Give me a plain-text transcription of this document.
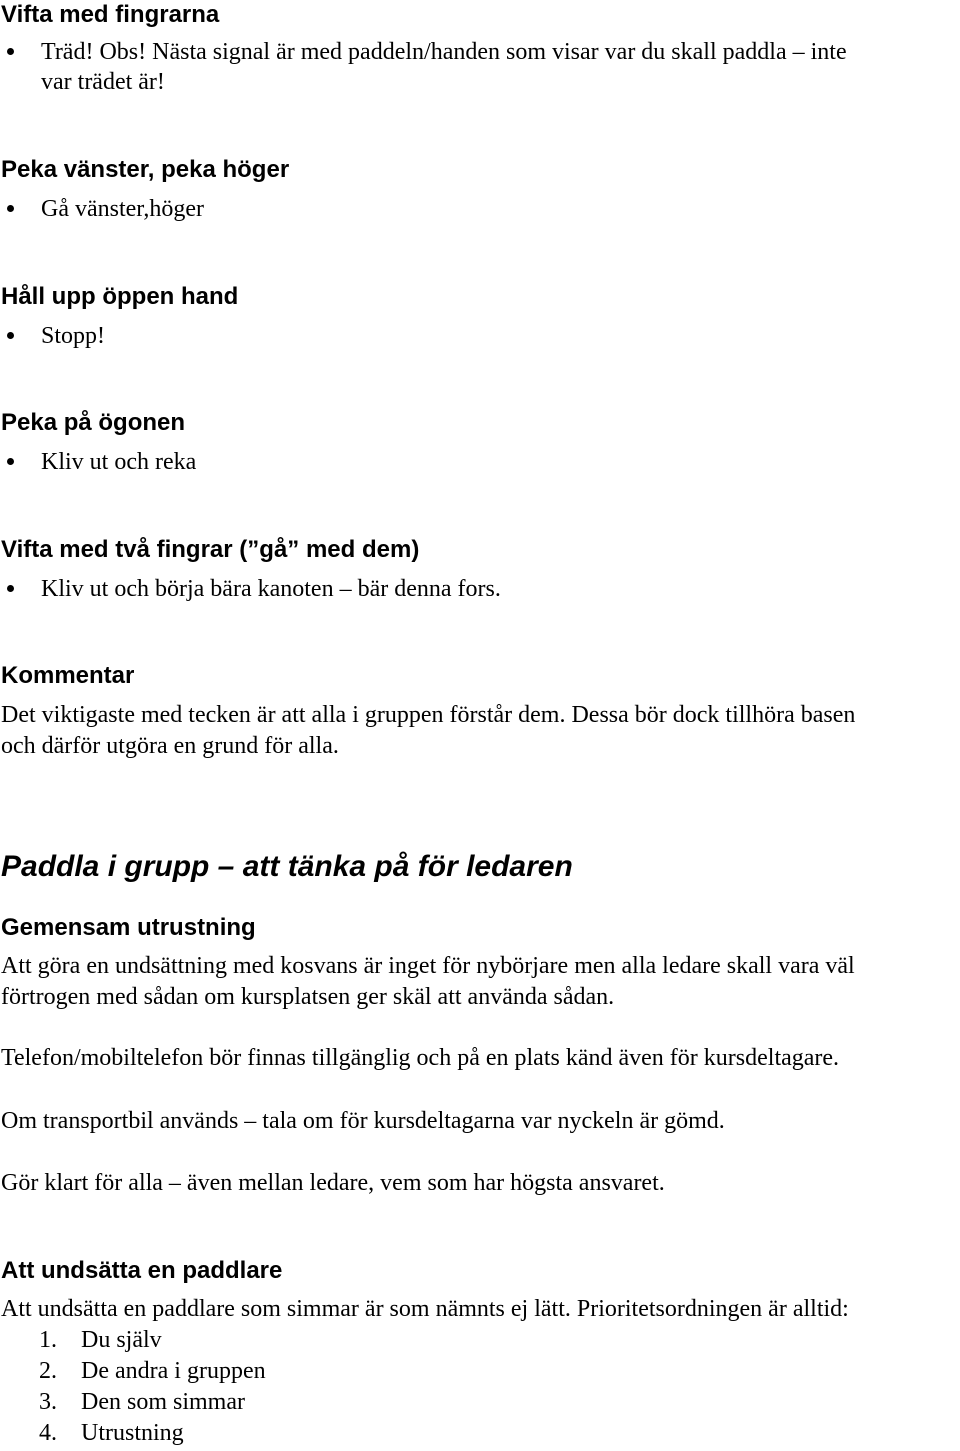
Vifta med fingrarna

Träd! Obs! Nästa signal är med paddeln/handen som visar var du skall paddla – inte

var trädet är!

Peka vänster, peka höger

Gå vänster,höger

Håll upp öppen hand

Stopp!

Peka på ögonen

Kliv ut och reka

Vifta med två fingrar (”gå” med dem)

Kliv ut och börja bära kanoten – bär denna fors.

Kommentar

Det viktigaste med tecken är att alla i gruppen förstår dem. Dessa bör dock tillhöra basen

och därför utgöra en grund för alla.

Paddla i grupp – att tänka på för ledaren
Gemensam utrustning

Att göra en undsättning med kosvans är inget för nybörjare men alla ledare skall vara väl

förtrogen med sådan om kursplatsen ger skäl att använda sådan.

Telefon/mobiltelefon bör finnas tillgänglig och på en plats känd även för kursdeltagare.

Om transportbil används – tala om för kursdeltagarna var nyckeln är gömd.

Gör klart för alla – även mellan ledare, vem som har högsta ansvaret.

Att undsätta en paddlare

Att undsätta en paddlare som simmar är som nämnts ej lätt. Prioritetsordningen är alltid:

1. Du själv
2. De andra i gruppen
3. Den som simmar
4. Utrustning
